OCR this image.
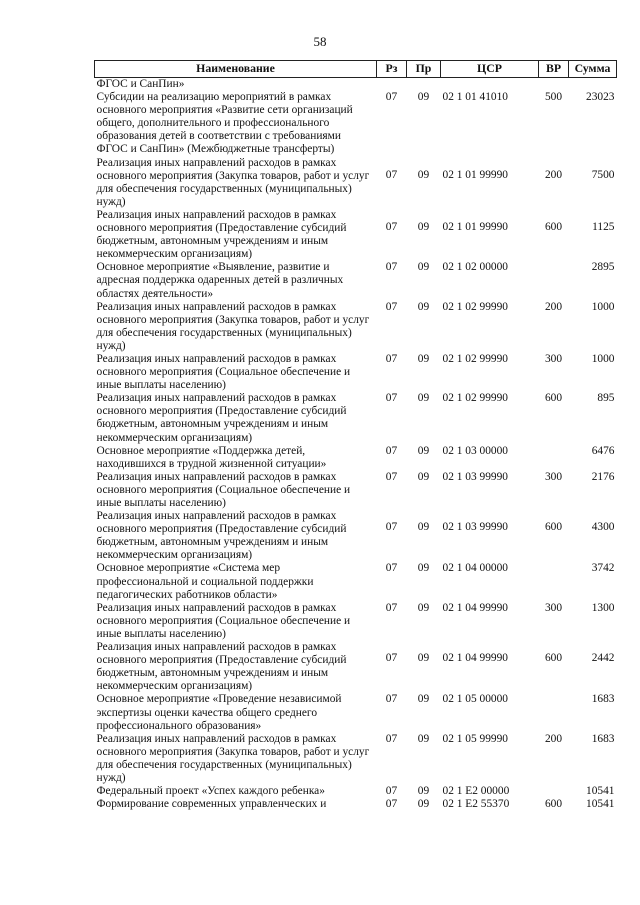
58
Наименование	Рз	Пр	ЦСР	ВР	Сумма
ФГОС и СанПин»					
Субсидии на реализацию мероприятий в рамках основного мероприятия «Развитие сети организаций общего, дополнительного и профессионального образования детей в соответствии с требованиями ФГОС и СанПин» (Межбюджетные трансферты)	07	09	02 1 01 41010	500	23023
Реализация иных направлений расходов в рамках основного мероприятия (Закупка товаров, работ и услуг для обеспечения государственных (муниципальных) нужд)	07	09	02 1 01 99990	200	7500
Реализация иных направлений расходов в рамках основного мероприятия (Предоставление субсидий бюджетным, автономным учреждениям и иным некоммерческим организациям)	07	09	02 1 01 99990	600	1125
Основное мероприятие «Выявление, развитие и адресная поддержка одаренных детей в различных областях деятельности»	07	09	02 1 02 00000		2895
Реализация иных направлений расходов в рамках основного мероприятия (Закупка товаров, работ и услуг для обеспечения государственных (муниципальных) нужд)	07	09	02 1 02 99990	200	1000
Реализация иных направлений расходов в рамках основного мероприятия (Социальное обеспечение и иные выплаты населению)	07	09	02 1 02 99990	300	1000
Реализация иных направлений расходов в рамках основного мероприятия (Предоставление субсидий бюджетным, автономным учреждениям и иным некоммерческим организациям)	07	09	02 1 02 99990	600	895
Основное мероприятие «Поддержка детей, находившихся в трудной жизненной ситуации»	07	09	02 1 03 00000		6476
Реализация иных направлений расходов в рамках основного мероприятия (Социальное обеспечение и иные выплаты населению)	07	09	02 1 03 99990	300	2176
Реализация иных направлений расходов в рамках основного мероприятия (Предоставление субсидий бюджетным, автономным учреждениям и иным некоммерческим организациям)	07	09	02 1 03 99990	600	4300
Основное мероприятие «Система мер профессиональной и социальной поддержки педагогических работников области»	07	09	02 1 04 00000		3742
Реализация иных направлений расходов в рамках основного мероприятия (Социальное обеспечение и иные выплаты населению)	07	09	02 1 04 99990	300	1300
Реализация иных направлений расходов в рамках основного мероприятия (Предоставление субсидий бюджетным, автономным учреждениям и иным некоммерческим организациям)	07	09	02 1 04 99990	600	2442
Основное мероприятие «Проведение независимой экспертизы оценки качества общего среднего профессионального образования»	07	09	02 1 05 00000		1683
Реализация иных направлений расходов в рамках основного мероприятия (Закупка товаров, работ и услуг для обеспечения государственных (муниципальных) нужд)	07	09	02 1 05 99990	200	1683
Федеральный проект «Успех каждого ребенка»	07	09	02 1 E2 00000		10541
Формирование современных управленческих и	07	09	02 1 E2 55370	600	10541
